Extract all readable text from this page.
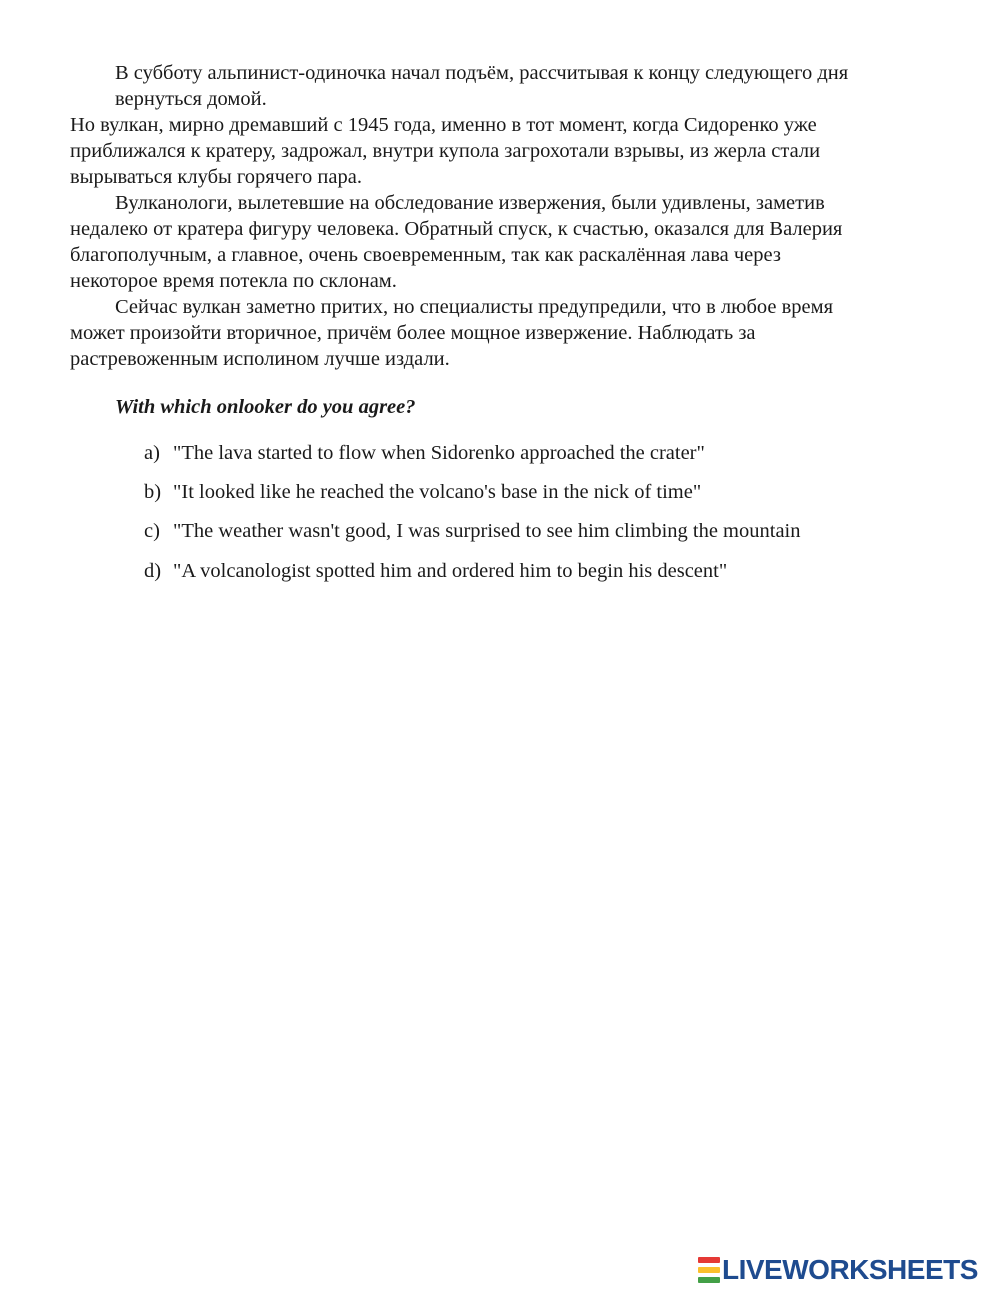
В субботу альпинист-одиночка начал подъём, рассчитывая к концу следующего дня
вернуться домой.
Но вулкан, мирно дремавший с 1945 года, именно в тот момент, когда Сидоренко уже
приближался к кратеру, задрожал, внутри купола загрохотали взрывы, из жерла стали
вырываться клубы горячего пара.
Вулканологи, вылетевшие на обследование извержения, были удивлены, заметив
недалеко от кратера фигуру человека. Обратный спуск, к счастью, оказался для Валерия
благополучным, а главное, очень своевременным, так как раскалённая лава через
некоторое время потекла по склонам.
Сейчас вулкан заметно притих, но специалисты предупредили, что в любое время
может произойти вторичное, причём более мощное извержение. Наблюдать за
растревоженным исполином лучше издали.
With which onlooker do you agree?
a) "The lava started to flow when Sidorenko approached the crater"
b) "It looked like he reached the volcano's base in the nick of time"
c) "The weather wasn't good, I was surprised to see him climbing the mountain
d) "A volcanologist spotted him and ordered him to begin his descent"
LIVEWORKSHEETS
